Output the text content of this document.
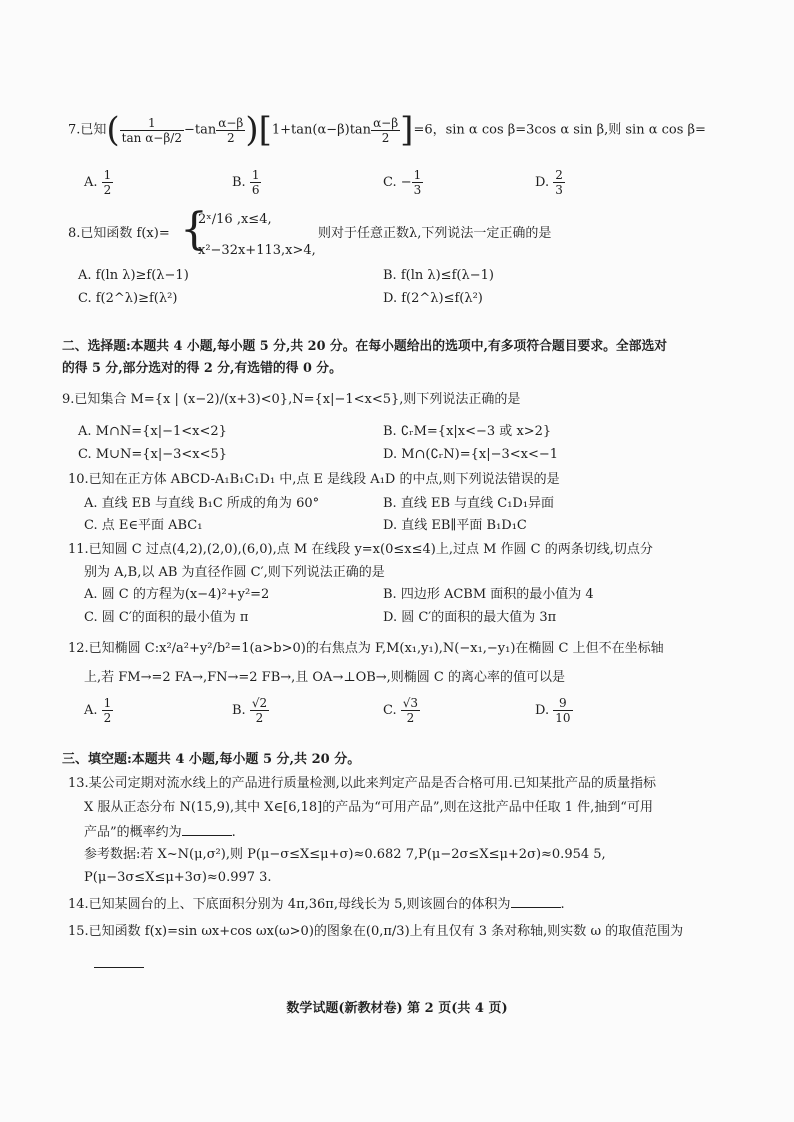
7.已知( $\frac{1}{\text{tan α−β/2}} -\tan \frac{\alpha-\beta}{2} )[1+\tan(\alpha-\beta)\tan \frac{\alpha-\beta}{2} ]=6$，sin α cos β=3cos α sin β,则 sin α cos β=
A. $\frac{1}{2}$	B. $\frac{1}{6}$	C. − $\frac{1}{3}$	D. $\frac{2}{3}$
8.已知函数 f(x)= {
2ˣ/16 ,x≤4,
x²−32x+113,x>4,
则对于任意正数λ,下列说法一定正确的是
A. f(ln λ)≥f(λ−1)	B. f(ln λ)≤f(λ−1)
C. f(2^λ)≥f(λ²)	D. f(2^λ)≤f(λ²)
二、选择题:本题共 4 小题,每小题 5 分,共 20 分。在每小题给出的选项中,有多项符合题目要求。全部选对
的得 5 分,部分选对的得 2 分,有选错的得 0 分。
9.已知集合 M={x | (x−2)/(x+3)<0},N={x|−1<x<5},则下列说法正确的是
A. M∩N={x|−1<x<2}	B. ∁ᵣM={x|x<−3 或 x>2}
C. M∪N={x|−3<x<5}	D. M∩(∁ᵣN)={x|−3<x<−1
10.已知在正方体 ABCD-A₁B₁C₁D₁ 中,点 E 是线段 A₁D 的中点,则下列说法错误的是
A. 直线 EB 与直线 B₁C 所成的角为 60°	B. 直线 EB 与直线 C₁D₁异面
C. 点 E∈平面 ABC₁	D. 直线 EB∥平面 B₁D₁C
11.已知圆 C 过点(4,2),(2,0),(6,0),点 M 在线段 y=x(0≤x≤4)上,过点 M 作圆 C 的两条切线,切点分
别为 A,B,以 AB 为直径作圆 C′,则下列说法正确的是
A. 圆 C 的方程为(x−4)²+y²=2	B. 四边形 ACBM 面积的最小值为 4
C. 圆 C′的面积的最小值为 π	D. 圆 C′的面积的最大值为 3π
12.已知椭圆 C:x²/a²+y²/b²=1(a>b>0)的右焦点为 F,M(x₁,y₁),N(−x₁,−y₁)在椭圆 C 上但不在坐标轴
上,若 FM→=2 FA→,FN→=2 FB→,且 OA→⊥OB→,则椭圆 C 的离心率的值可以是
A. $\frac{1}{2}$	B. $\frac{√2}{2}$	C. $\frac{√3}{2}$	D. $\frac{9}{10}$
三、填空题:本题共 4 小题,每小题 5 分,共 20 分。
13.某公司定期对流水线上的产品进行质量检测,以此来判定产品是否合格可用.已知某批产品的质量指标
X 服从正态分布 N(15,9),其中 X∈[6,18]的产品为“可用产品”,则在这批产品中任取 1 件,抽到“可用
产品”的概率约为	.
参考数据:若 X~N(μ,σ²),则 P(μ−σ≤X≤μ+σ)≈0.682 7,P(μ−2σ≤X≤μ+2σ)≈0.954 5,
P(μ−3σ≤X≤μ+3σ)≈0.997 3.
14.已知某圆台的上、下底面积分别为 4π,36π,母线长为 5,则该圆台的体积为	.
15.已知函数 f(x)=sin ωx+cos ωx(ω>0)的图象在(0,π/3)上有且仅有 3 条对称轴,则实数 ω 的取值范围为
数学试题(新教材卷) 第 2 页(共 4 页)
